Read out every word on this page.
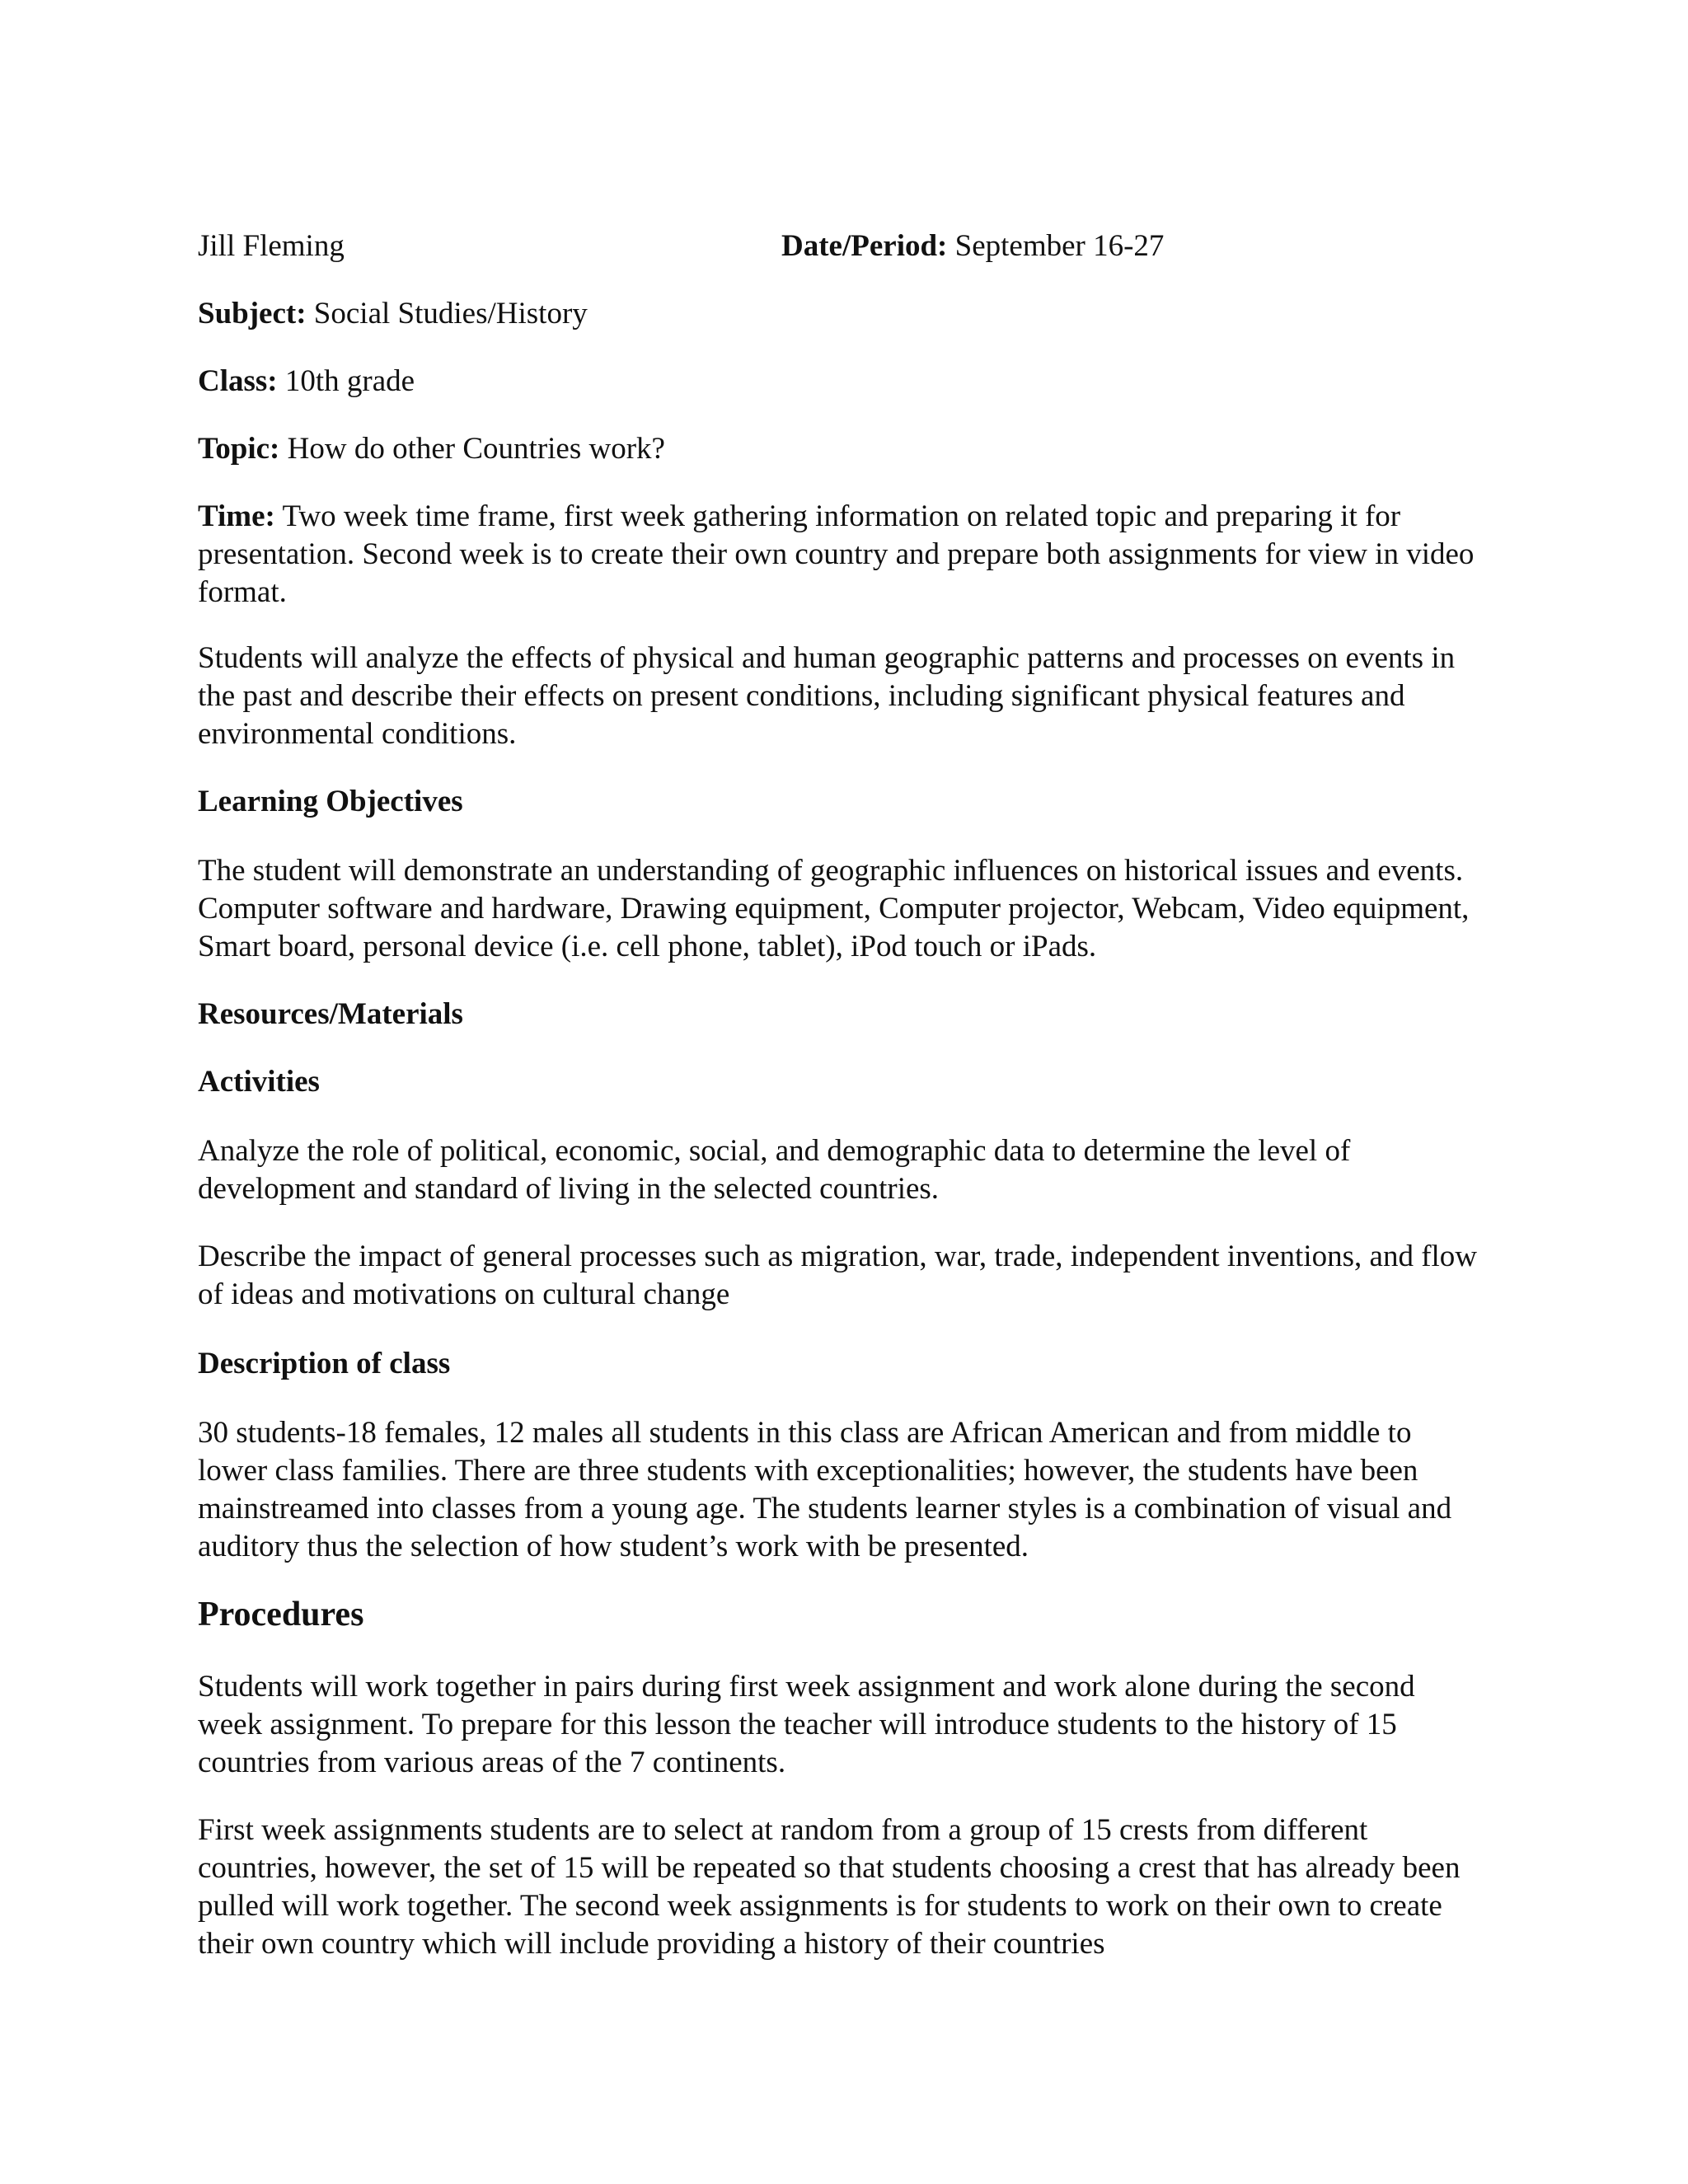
Jill Fleming	Date/Period: September 16-27

Subject: Social Studies/History

Class: 10th grade

Topic: How do other Countries work?

Time: Two week time frame, first week gathering information on related topic and preparing it for presentation. Second week is to create their own country and prepare both assignments for view in video format.

Students will analyze the effects of physical and human geographic patterns and processes on events in the past and describe their effects on present conditions, including significant physical features and environmental conditions.

Learning Objectives

The student will demonstrate an understanding of geographic influences on historical issues and events. Computer software and hardware, Drawing equipment, Computer projector, Webcam, Video equipment, Smart board, personal device (i.e. cell phone, tablet), iPod touch or iPads.

Resources/Materials

Activities

Analyze the role of political, economic, social, and demographic data to determine the level of development and standard of living in the selected countries.

Describe the impact of general processes such as migration, war, trade, independent inventions, and flow of ideas and motivations on cultural change

Description of class

30 students-18 females, 12 males all students in this class are African American and from middle to lower class families. There are three students with exceptionalities; however, the students have been mainstreamed into classes from a young age. The students learner styles is a combination of visual and auditory thus the selection of how student’s work with be presented.

Procedures

Students will work together in pairs during first week assignment and work alone during the second week assignment. To prepare for this lesson the teacher will introduce students to the history of 15 countries from various areas of the 7 continents.

First week assignments students are to select at random from a group of 15 crests from different countries, however, the set of 15 will be repeated so that students choosing a crest that has already been pulled will work together. The second week assignments is for students to work on their own to create their own country which will include providing a history of their countries
